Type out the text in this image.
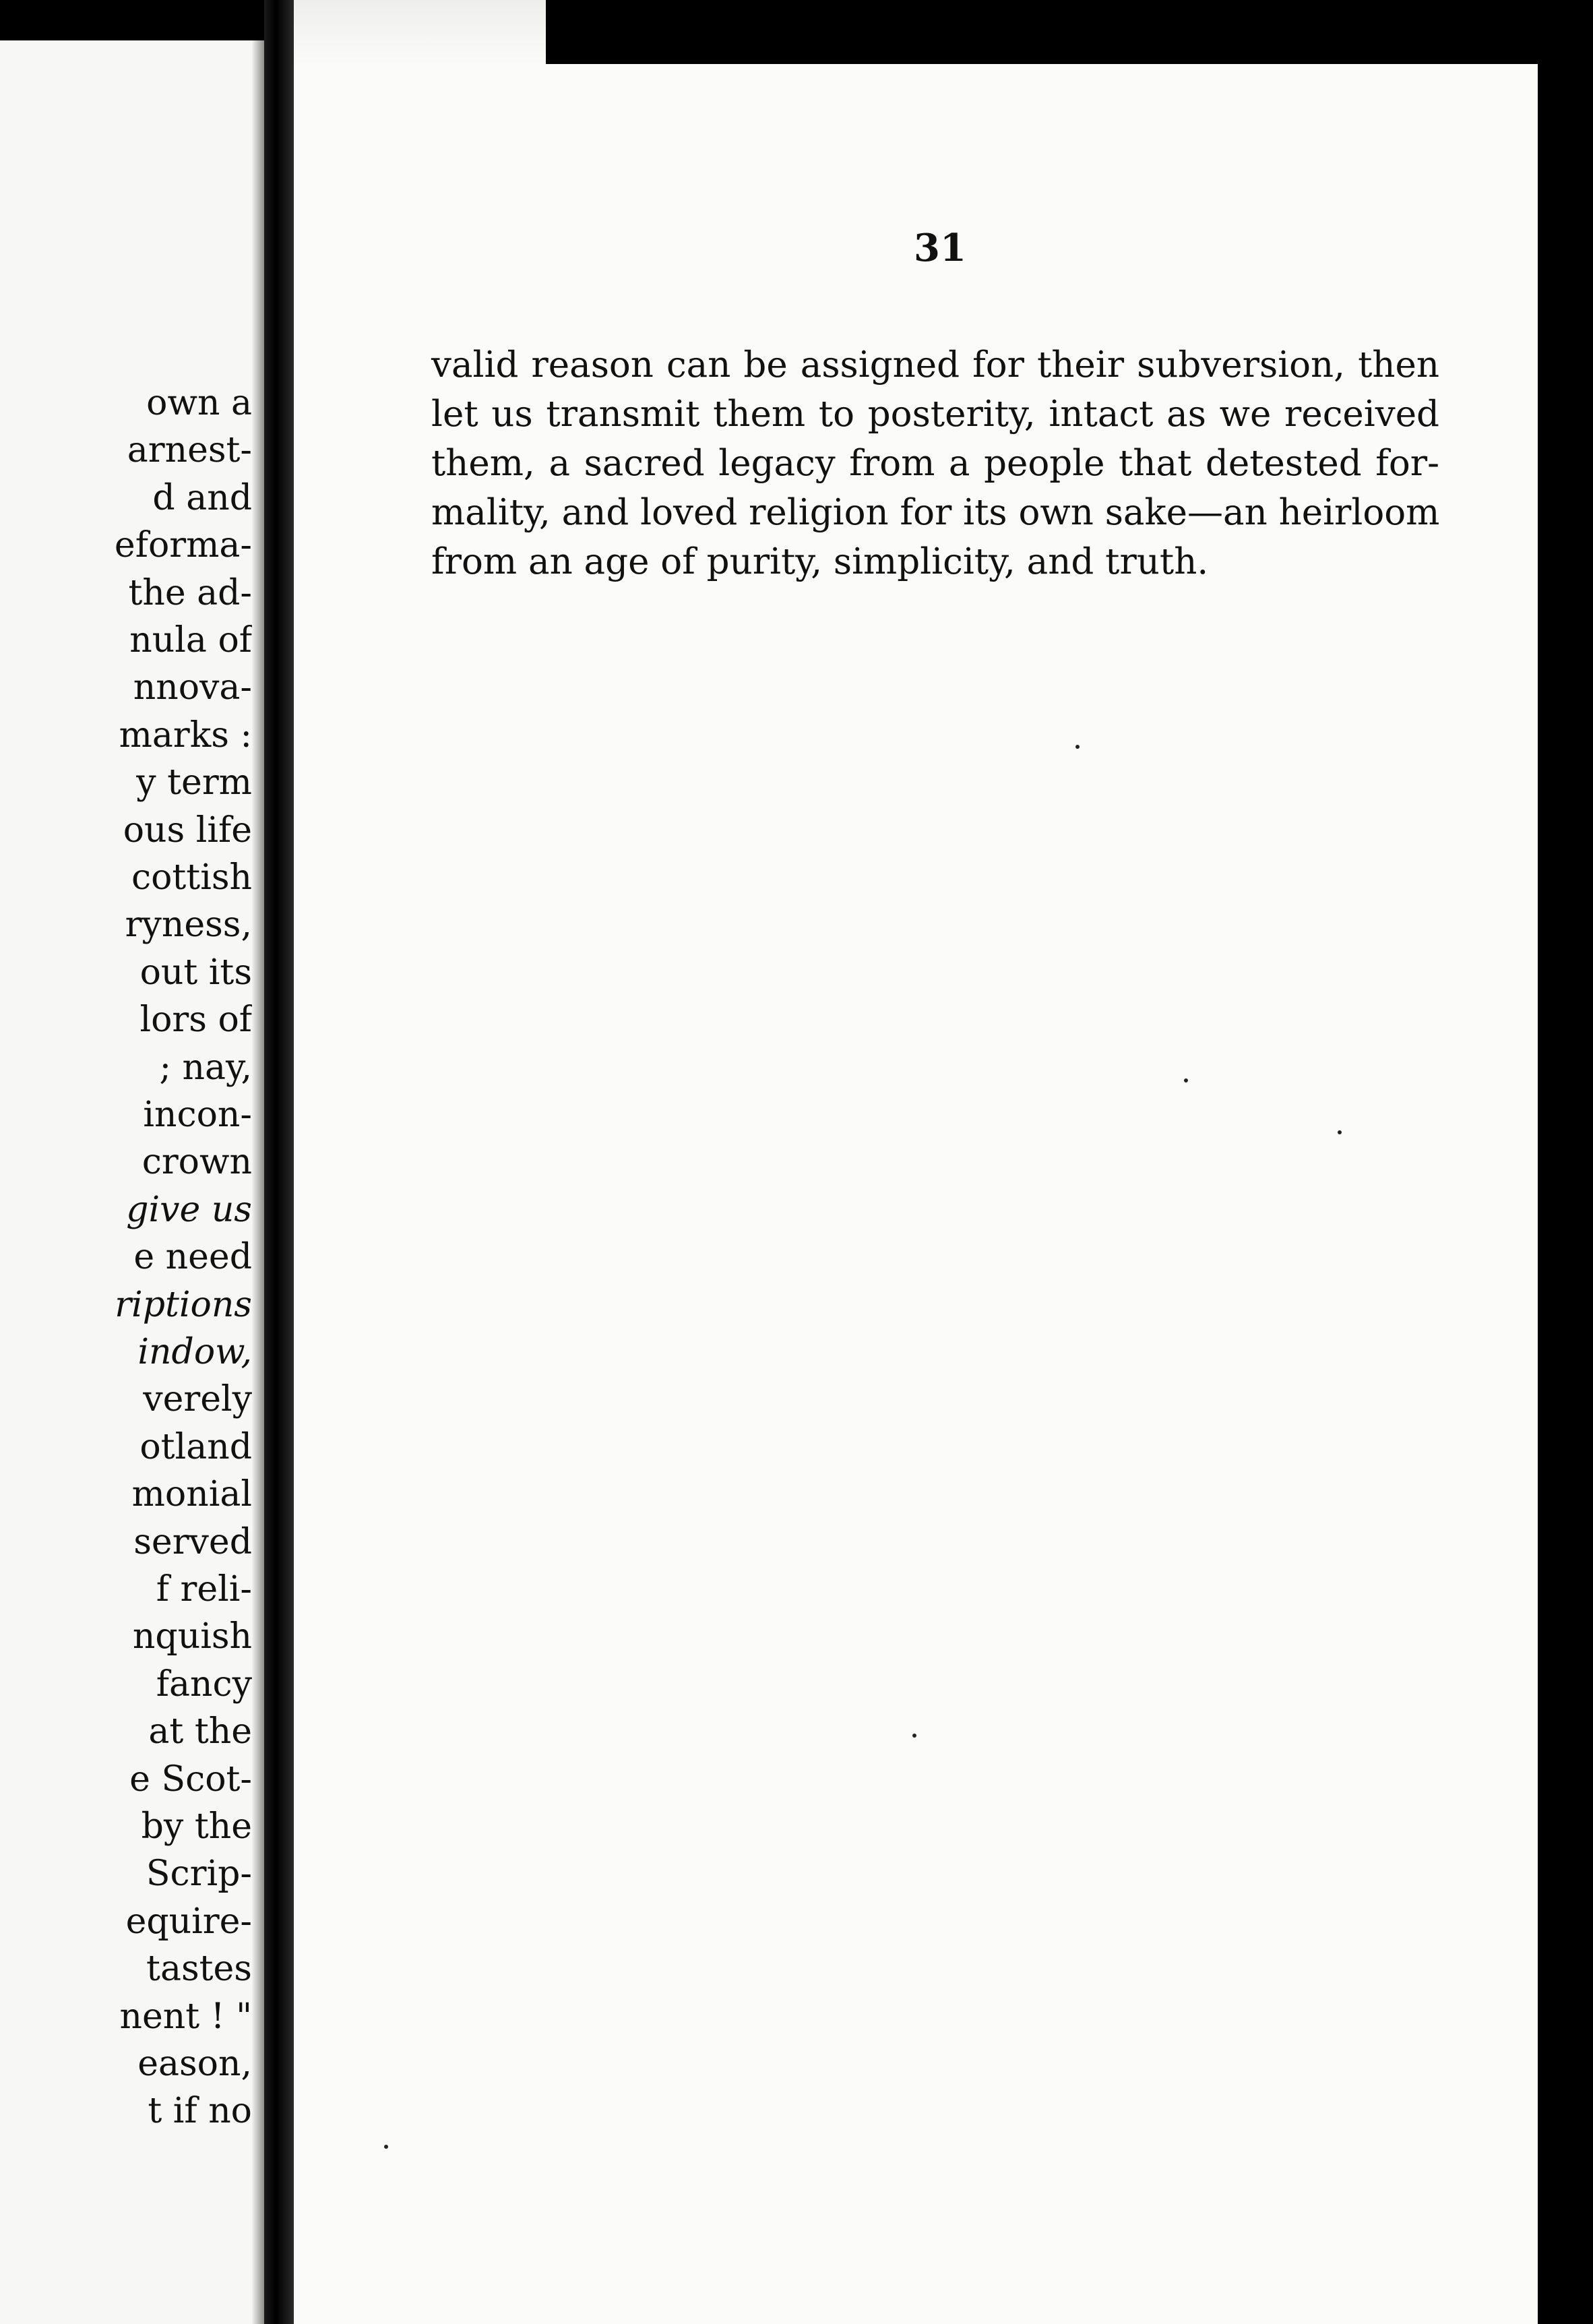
own a
arnest-
d and
eforma-
the ad-
nula of
nnova-
marks :
y term
ous life
cottish
ryness,
out its
lors of
; nay,
incon-
crown
give us
e need
riptions
indow,
verely
otland
monial
served
f reli-
nquish
fancy
at the
e Scot-
by the
Scrip-
equire-
tastes
nent ! "
eason,
t if no
31

valid reason can be assigned for their subversion, then
let us transmit them to posterity, intact as we received
them, a sacred legacy from a people that detested for-
mality, and loved religion for its own sake—an heirloom
from an age of purity, simplicity, and truth.
